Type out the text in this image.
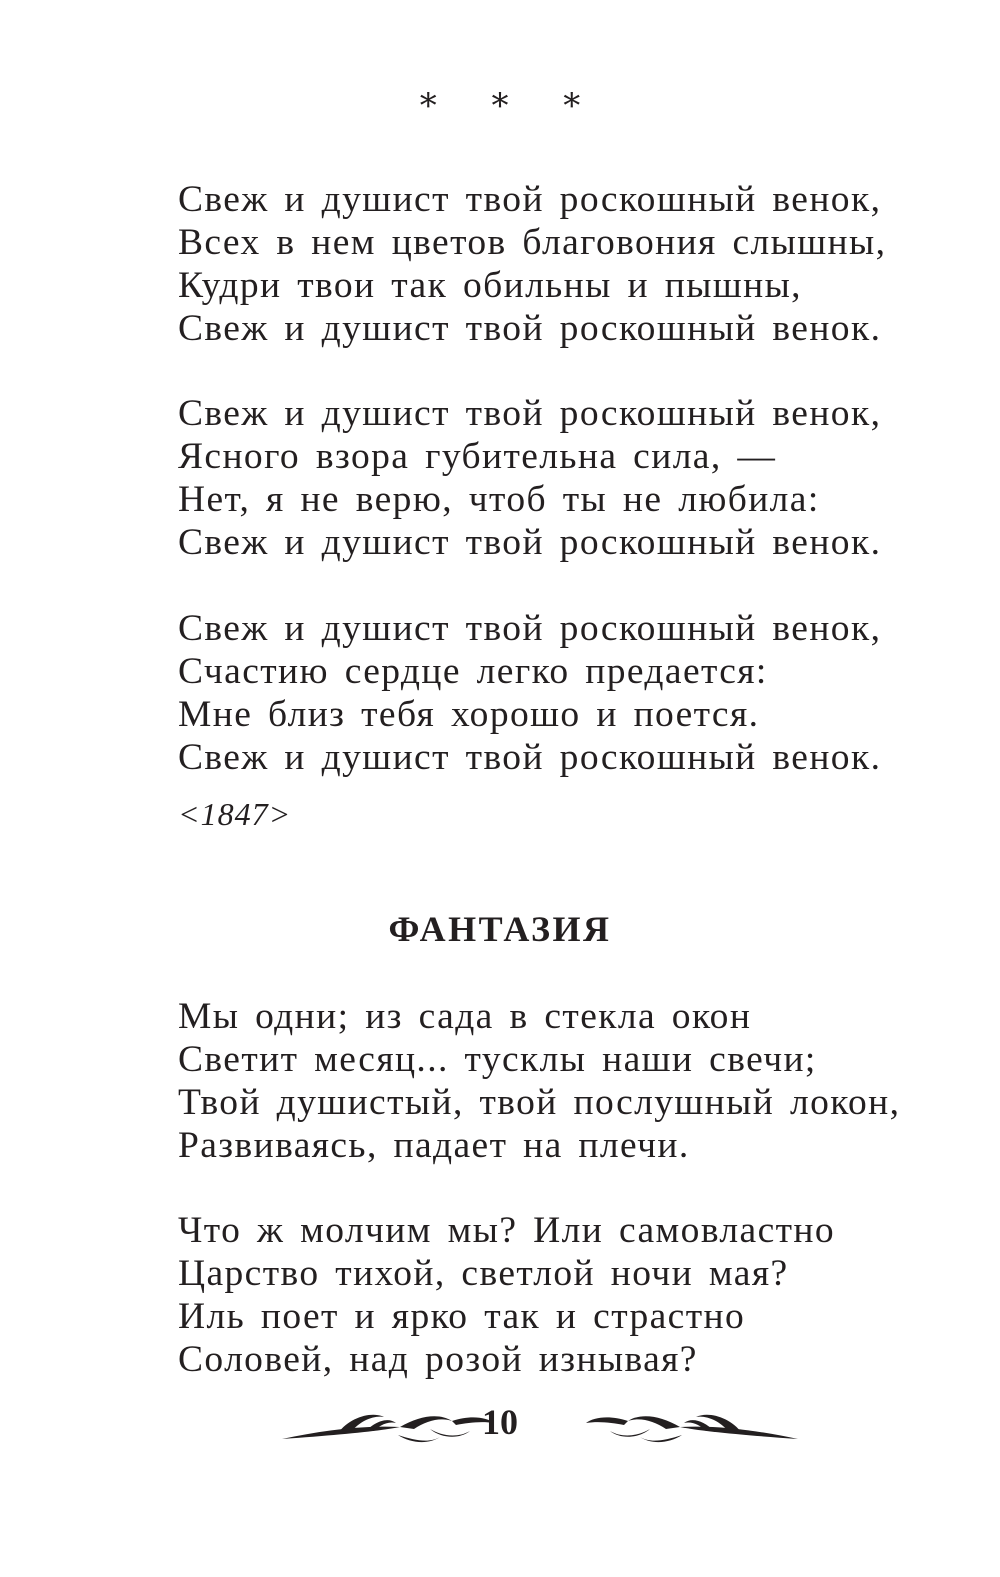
* * *
Свеж и душист твой роскошный венок,
Всех в нем цветов благовония слышны,
Кудри твои так обильны и пышны,
Свеж и душист твой роскошный венок.
Свеж и душист твой роскошный венок,
Ясного взора губительна сила, —
Нет, я не верю, чтоб ты не любила:
Свеж и душист твой роскошный венок.
Свеж и душист твой роскошный венок,
Счастию сердце легко предается:
Мне близ тебя хорошо и поется.
Свеж и душист твой роскошный венок.
<1847>
ФАНТАЗИЯ
Мы одни; из сада в стекла окон
Светит месяц... тусклы наши свечи;
Твой душистый, твой послушный локон,
Развиваясь, падает на плечи.
Что ж молчим мы? Или самовластно
Царство тихой, светлой ночи мая?
Иль поет и ярко так и страстно
Соловей, над розой изнывая?
10
